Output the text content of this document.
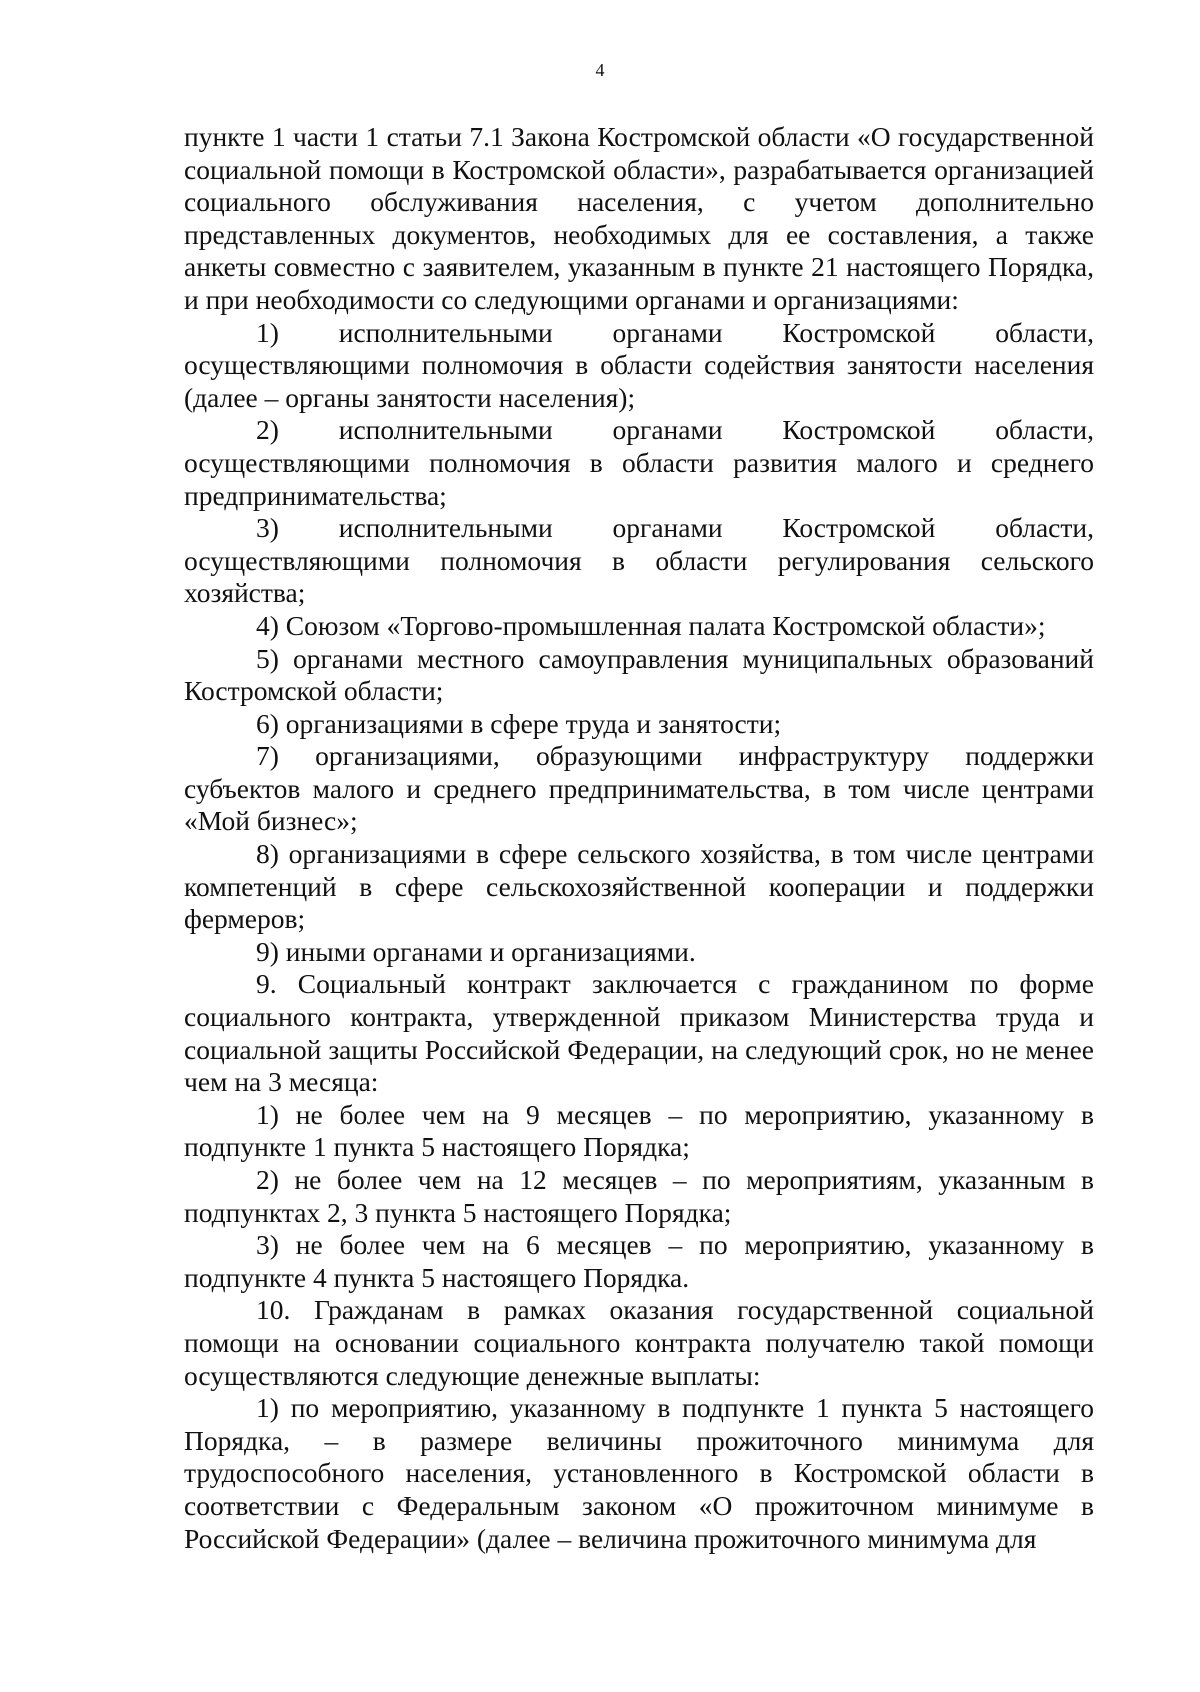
4

пункте 1 части 1 статьи 7.1 Закона Костромской области «О государственной социальной помощи в Костромской области», разрабатывается организацией социального обслуживания населения, с учетом дополнительно представленных документов, необходимых для ее составления, а также анкеты совместно с заявителем, указанным в пункте 21 настоящего Порядка, и при необходимости со следующими органами и организациями:

1) исполнительными органами Костромской области, осуществляющими полномочия в области содействия занятости населения (далее – органы занятости населения);

2) исполнительными органами Костромской области, осуществляющими полномочия в области развития малого и среднего предпринимательства;

3) исполнительными органами Костромской области, осуществляющими полномочия в области регулирования сельского хозяйства;

4) Союзом «Торгово-промышленная палата Костромской области»;

5) органами местного самоуправления муниципальных образований Костромской области;

6) организациями в сфере труда и занятости;

7) организациями, образующими инфраструктуру поддержки субъектов малого и среднего предпринимательства, в том числе центрами «Мой бизнес»;

8) организациями в сфере сельского хозяйства, в том числе центрами компетенций в сфере сельскохозяйственной кооперации и поддержки фермеров;

9) иными органами и организациями.

9. Социальный контракт заключается с гражданином по форме социального контракта, утвержденной приказом Министерства труда и социальной защиты Российской Федерации, на следующий срок, но не менее чем на 3 месяца:

1) не более чем на 9 месяцев – по мероприятию, указанному в подпункте 1 пункта 5 настоящего Порядка;

2) не более чем на 12 месяцев – по мероприятиям, указанным в подпунктах 2, 3 пункта 5 настоящего Порядка;

3) не более чем на 6 месяцев – по мероприятию, указанному в подпункте 4 пункта 5 настоящего Порядка.

10. Гражданам в рамках оказания государственной социальной помощи на основании социального контракта получателю такой помощи осуществляются следующие денежные выплаты:

1) по мероприятию, указанному в подпункте 1 пункта 5 настоящего Порядка, – в размере величины прожиточного минимума для трудоспособного населения, установленного в Костромской области в соответствии с Федеральным законом «О прожиточном минимуме в Российской Федерации» (далее – величина прожиточного минимума для
